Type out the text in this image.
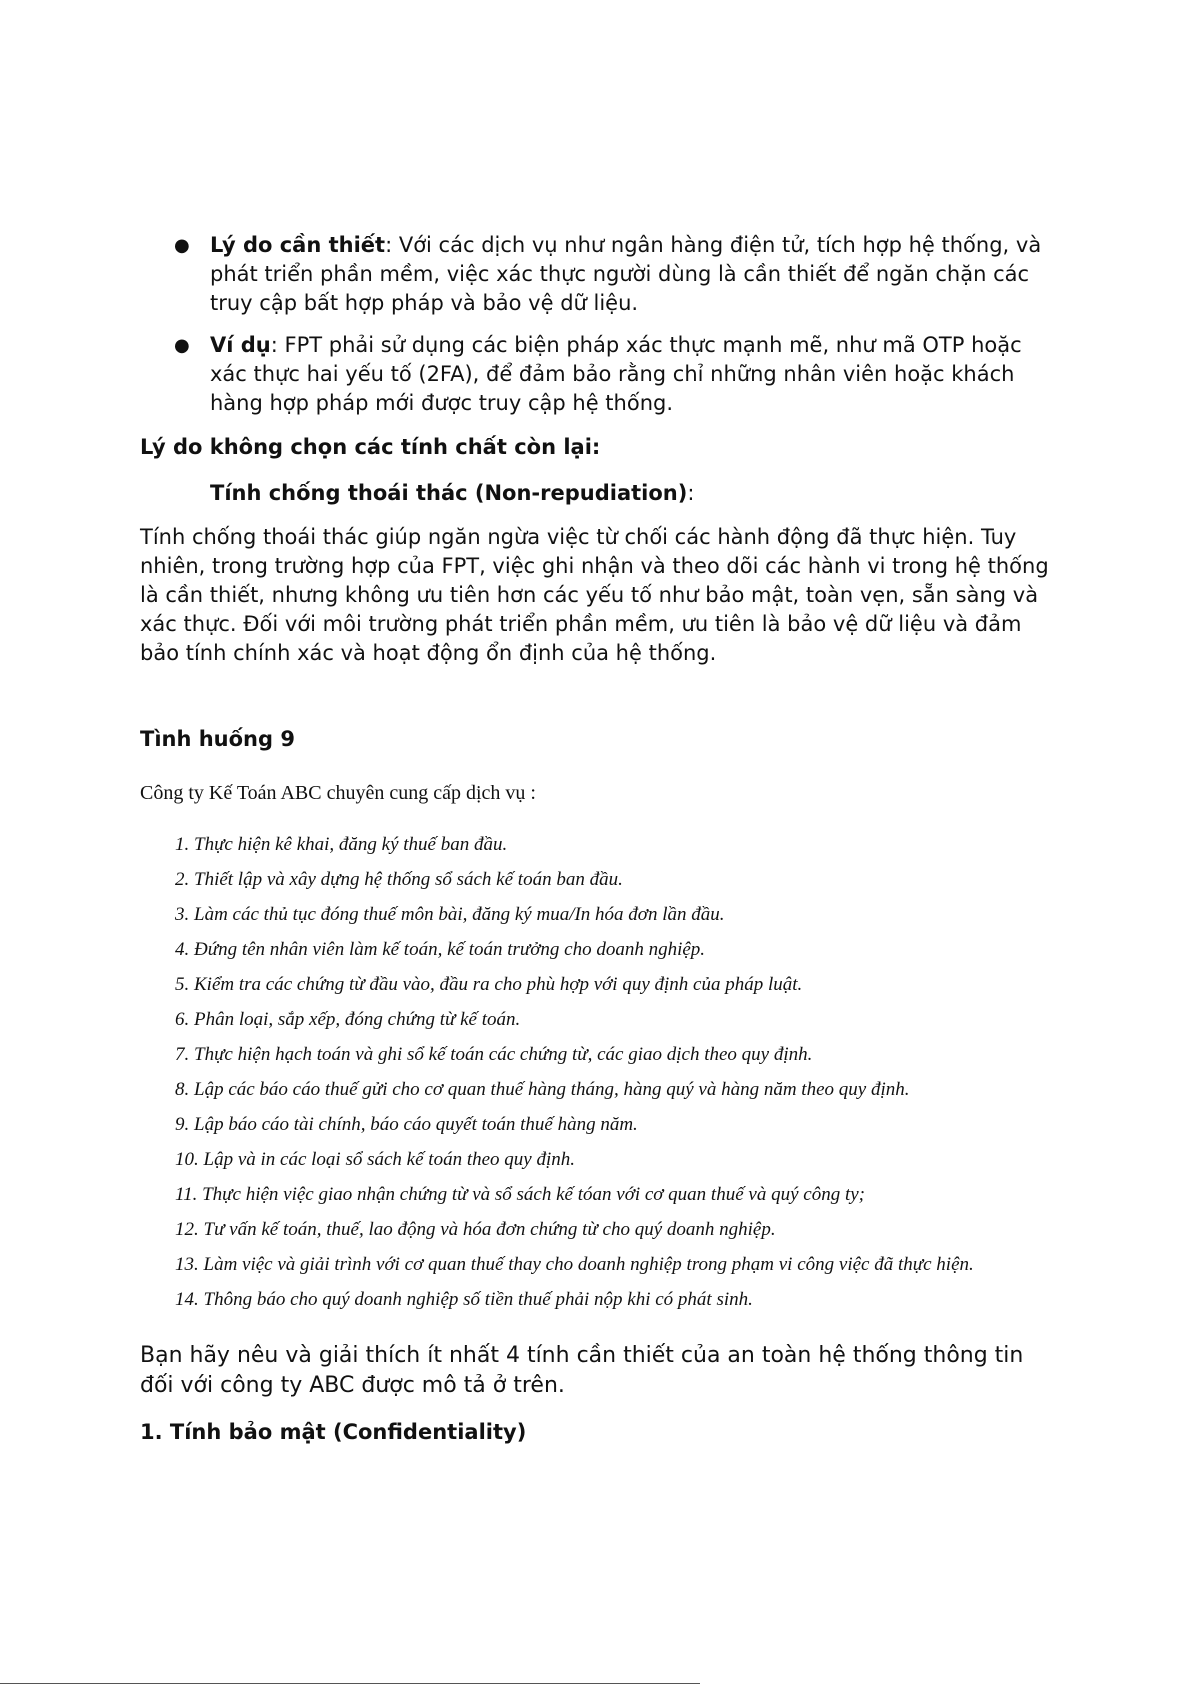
● Lý do cần thiết: Với các dịch vụ như ngân hàng điện tử, tích hợp hệ thống, và phát triển phần mềm, việc xác thực người dùng là cần thiết để ngăn chặn các truy cập bất hợp pháp và bảo vệ dữ liệu.
● Ví dụ: FPT phải sử dụng các biện pháp xác thực mạnh mẽ, như mã OTP hoặc xác thực hai yếu tố (2FA), để đảm bảo rằng chỉ những nhân viên hoặc khách hàng hợp pháp mới được truy cập hệ thống.
Lý do không chọn các tính chất còn lại:
Tính chống thoái thác (Non-repudiation):
Tính chống thoái thác giúp ngăn ngừa việc từ chối các hành động đã thực hiện. Tuy nhiên, trong trường hợp của FPT, việc ghi nhận và theo dõi các hành vi trong hệ thống là cần thiết, nhưng không ưu tiên hơn các yếu tố như bảo mật, toàn vẹn, sẵn sàng và xác thực. Đối với môi trường phát triển phần mềm, ưu tiên là bảo vệ dữ liệu và đảm bảo tính chính xác và hoạt động ổn định của hệ thống.
Tình huống 9
Công ty Kế Toán ABC chuyên cung cấp dịch vụ :
1. Thực hiện kê khai, đăng ký thuế ban đầu.
2. Thiết lập và xây dựng hệ thống sổ sách kế toán ban đầu.
3. Làm các thủ tục đóng thuế môn bài, đăng ký mua/In hóa đơn lần đầu.
4. Đứng tên nhân viên làm kế toán, kế toán trưởng cho doanh nghiệp.
5. Kiểm tra các chứng từ đầu vào, đầu ra cho phù hợp với quy định của pháp luật.
6. Phân loại, sắp xếp, đóng chứng từ kế toán.
7. Thực hiện hạch toán và ghi sổ kế toán các chứng từ, các giao dịch theo quy định.
8. Lập các báo cáo thuế gửi cho cơ quan thuế hàng tháng, hàng quý và hàng năm theo quy định.
9. Lập báo cáo tài chính, báo cáo quyết toán thuế hàng năm.
10. Lập và in các loại sổ sách kế toán theo quy định.
11. Thực hiện việc giao nhận chứng từ và sổ sách kế tóan với cơ quan thuế và quý công ty;
12. Tư vấn kế toán, thuế, lao động và hóa đơn chứng từ cho quý doanh nghiệp.
13. Làm việc và giải trình với cơ quan thuế thay cho doanh nghiệp trong phạm vi công việc đã thực hiện.
14. Thông báo cho quý doanh nghiệp số tiền thuế phải nộp khi có phát sinh.
Bạn hãy nêu và giải thích ít nhất 4 tính cần thiết của an toàn hệ thống thông tin đối với công ty ABC được mô tả ở trên.
1. Tính bảo mật (Confidentiality)
